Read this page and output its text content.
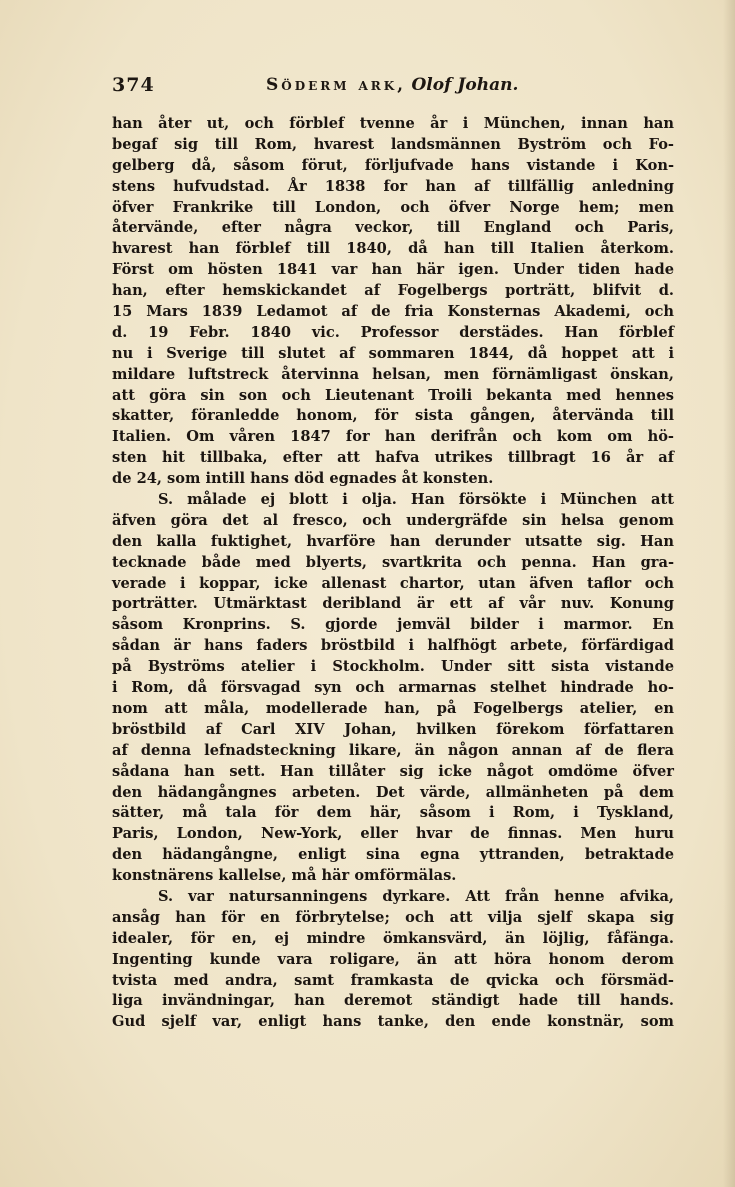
374	Söderm ark, Olof Johan.
han åter ut, och förblef tvenne år i München, innan han
begaf sig till Rom, hvarest landsmännen Byström och Fo-
gelberg då, såsom förut, förljufvade hans vistande i Kon-
stens hufvudstad. År 1838 for han af tillfällig anledning
öfver Frankrike till London, och öfver Norge hem; men
återvände, efter några veckor, till England och Paris,
hvarest han förblef till 1840, då han till Italien återkom.
Först om hösten 1841 var han här igen. Under tiden hade
han, efter hemskickandet af Fogelbergs porträtt, blifvit d.
15 Mars 1839 Ledamot af de fria Konsternas Akademi, och
d. 19 Febr. 1840 vic. Professor derstädes. Han förblef
nu i Sverige till slutet af sommaren 1844, då hoppet att i
mildare luftstreck återvinna helsan, men förnämligast önskan,
att göra sin son och Lieutenant Troili bekanta med hennes
skatter, föranledde honom, för sista gången, återvända till
Italien. Om våren 1847 for han derifrån och kom om hö-
sten hit tillbaka, efter att hafva utrikes tillbragt 16 år af
de 24, som intill hans död egnades åt konsten.
S. målade ej blott i olja. Han försökte i München att
äfven göra det al fresco, och undergräfde sin helsa genom
den kalla fuktighet, hvarföre han derunder utsatte sig. Han
tecknade både med blyerts, svartkrita och penna. Han gra-
verade i koppar, icke allenast chartor, utan äfven taflor och
porträtter. Utmärktast deribland är ett af vår nuv. Konung
såsom Kronprins. S. gjorde jemväl bilder i marmor. En
sådan är hans faders bröstbild i halfhögt arbete, förfärdigad
på Byströms atelier i Stockholm. Under sitt sista vistande
i Rom, då försvagad syn och armarnas stelhet hindrade ho-
nom att måla, modellerade han, på Fogelbergs atelier, en
bröstbild af Carl XIV Johan, hvilken förekom författaren
af denna lefnadsteckning likare, än någon annan af de flera
sådana han sett. Han tillåter sig icke något omdöme öfver
den hädangångnes arbeten. Det värde, allmänheten på dem
sätter, må tala för dem här, såsom i Rom, i Tyskland,
Paris, London, New-York, eller hvar de finnas. Men huru
den hädangångne, enligt sina egna yttranden, betraktade
konstnärens kallelse, må här omförmälas.
S. var natursanningens dyrkare. Att från henne afvika,
ansåg han för en förbrytelse; och att vilja sjelf skapa sig
idealer, för en, ej mindre ömkansvärd, än löjlig, fåfänga.
Ingenting kunde vara roligare, än att höra honom derom
tvista med andra, samt framkasta de qvicka och försmäd-
liga invändningar, han deremot ständigt hade till hands.
Gud sjelf var, enligt hans tanke, den ende konstnär, som
